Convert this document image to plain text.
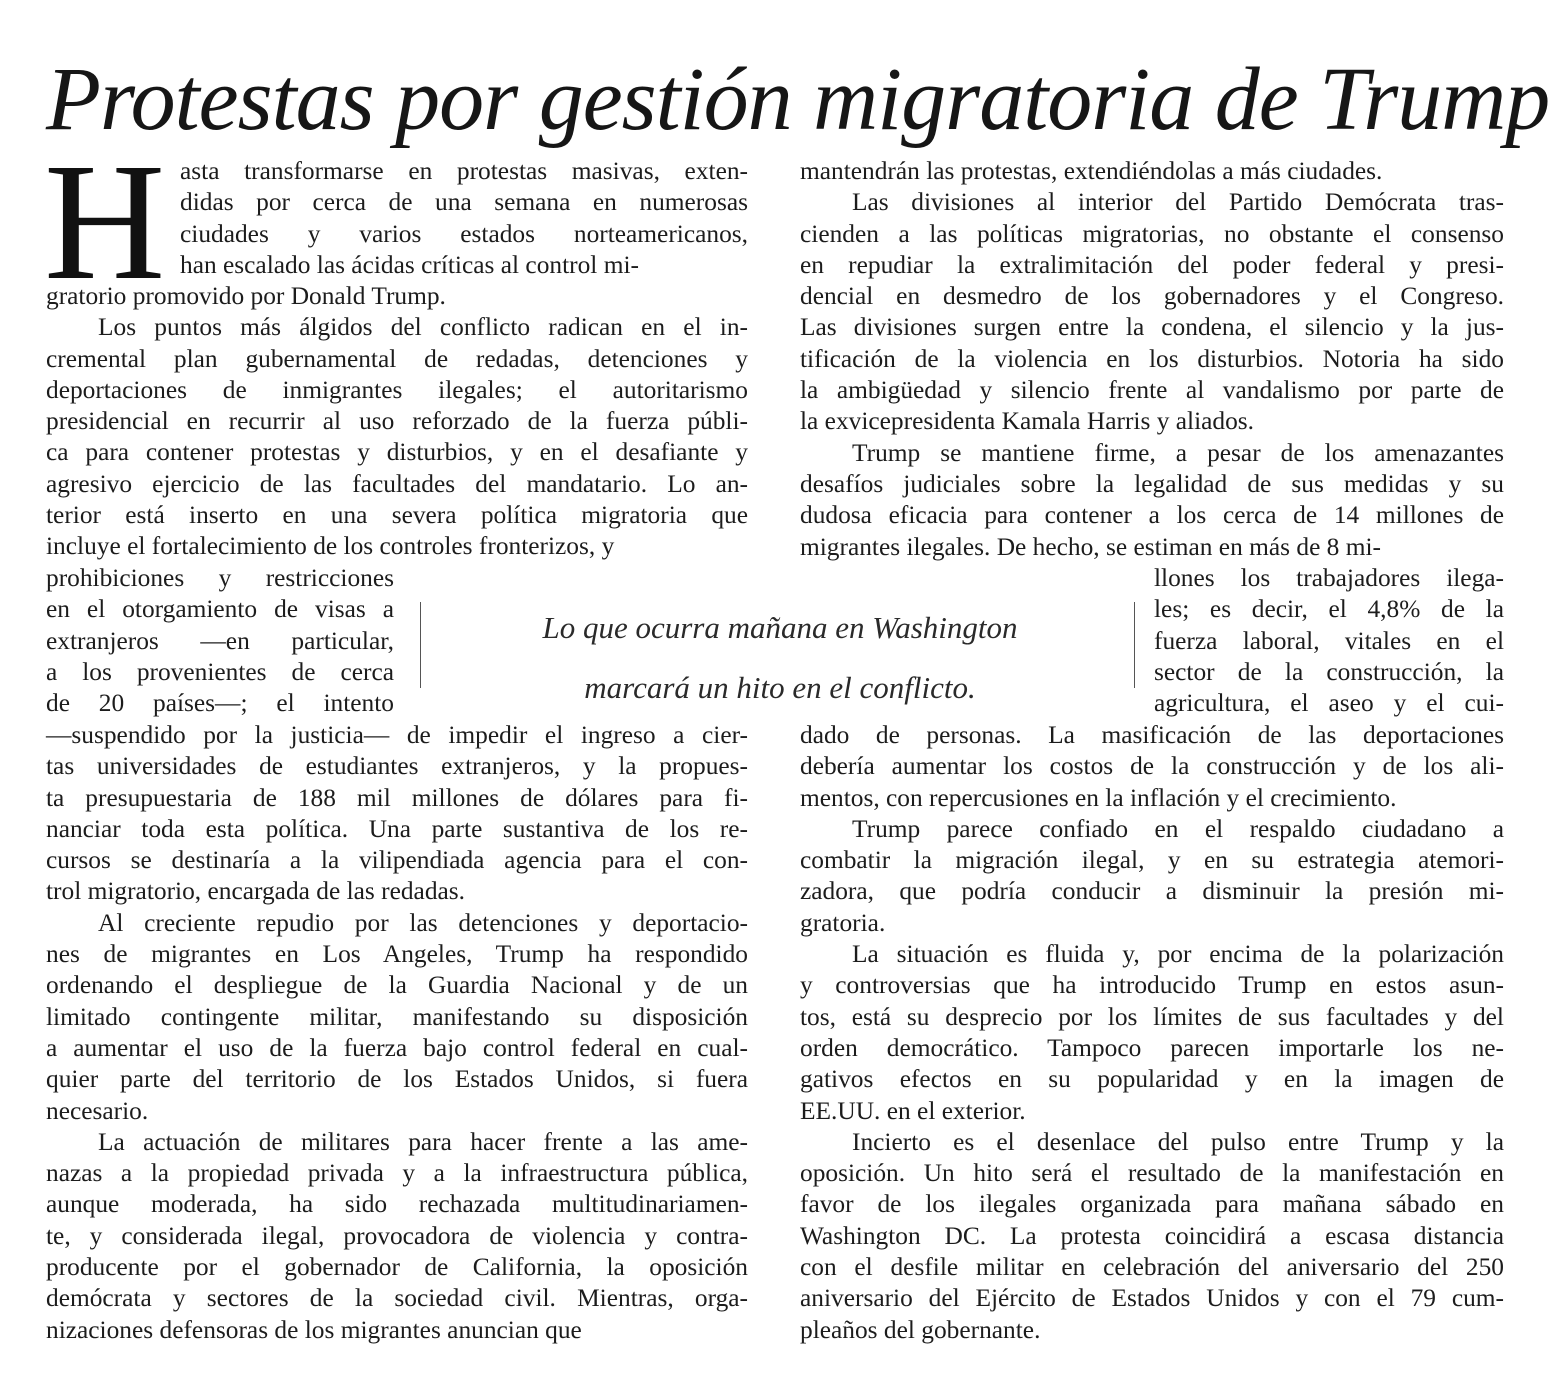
Protestas por gestión migratoria de Trump
H asta transformarse en protestas masivas, exten-
didas por cerca de una semana en numerosas
ciudades y varios estados norteamericanos,
han escalado las ácidas críticas al control mi-
gratorio promovido por Donald Trump.
Los puntos más álgidos del conflicto radican en el in-
cremental plan gubernamental de redadas, detenciones y
deportaciones de inmigrantes ilegales; el autoritarismo
presidencial en recurrir al uso reforzado de la fuerza públi-
ca para contener protestas y disturbios, y en el desafiante y
agresivo ejercicio de las facultades del mandatario. Lo an-
terior está inserto en una severa política migratoria que
incluye el fortalecimiento de los controles fronterizos, y
prohibiciones y restricciones
en el otorgamiento de visas a
extranjeros —en particular,
a los provenientes de cerca
de 20 países—; el intento
—suspendido por la justicia— de impedir el ingreso a cier-
tas universidades de estudiantes extranjeros, y la propues-
ta presupuestaria de 188 mil millones de dólares para fi-
nanciar toda esta política. Una parte sustantiva de los re-
cursos se destinaría a la vilipendiada agencia para el con-
trol migratorio, encargada de las redadas.
Al creciente repudio por las detenciones y deportacio-
nes de migrantes en Los Angeles, Trump ha respondido
ordenando el despliegue de la Guardia Nacional y de un
limitado contingente militar, manifestando su disposición
a aumentar el uso de la fuerza bajo control federal en cual-
quier parte del territorio de los Estados Unidos, si fuera
necesario.
La actuación de militares para hacer frente a las ame-
nazas a la propiedad privada y a la infraestructura pública,
aunque moderada, ha sido rechazada multitudinariamen-
te, y considerada ilegal, provocadora de violencia y contra-
producente por el gobernador de California, la oposición
demócrata y sectores de la sociedad civil. Mientras, orga-
nizaciones defensoras de los migrantes anuncian que
mantendrán las protestas, extendiéndolas a más ciudades.
Las divisiones al interior del Partido Demócrata tras-
cienden a las políticas migratorias, no obstante el consenso
en repudiar la extralimitación del poder federal y presi-
dencial en desmedro de los gobernadores y el Congreso.
Las divisiones surgen entre la condena, el silencio y la jus-
tificación de la violencia en los disturbios. Notoria ha sido
la ambigüedad y silencio frente al vandalismo por parte de
la exvicepresidenta Kamala Harris y aliados.
Trump se mantiene firme, a pesar de los amenazantes
desafíos judiciales sobre la legalidad de sus medidas y su
dudosa eficacia para contener a los cerca de 14 millones de
migrantes ilegales. De hecho, se estiman en más de 8 mi-
llones los trabajadores ilega-
les; es decir, el 4,8% de la
fuerza laboral, vitales en el
sector de la construcción, la
agricultura, el aseo y el cui-
dado de personas. La masificación de las deportaciones
debería aumentar los costos de la construcción y de los ali-
mentos, con repercusiones en la inflación y el crecimiento.
Trump parece confiado en el respaldo ciudadano a
combatir la migración ilegal, y en su estrategia atemori-
zadora, que podría conducir a disminuir la presión mi-
gratoria.
La situación es fluida y, por encima de la polarización
y controversias que ha introducido Trump en estos asun-
tos, está su desprecio por los límites de sus facultades y del
orden democrático. Tampoco parecen importarle los ne-
gativos efectos en su popularidad y en la imagen de
EE.UU. en el exterior.
Incierto es el desenlace del pulso entre Trump y la
oposición. Un hito será el resultado de la manifestación en
favor de los ilegales organizada para mañana sábado en
Washington DC. La protesta coincidirá a escasa distancia
con el desfile militar en celebración del aniversario del 250
aniversario del Ejército de Estados Unidos y con el 79 cum-
pleaños del gobernante.
Lo que ocurra mañana en Washington
marcará un hito en el conflicto.
